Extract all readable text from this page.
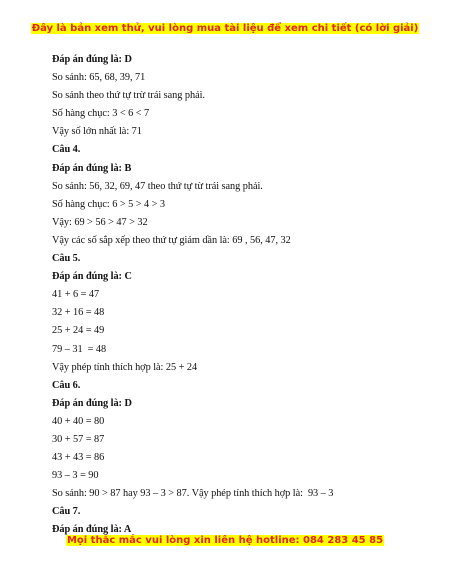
Đây là bản xem thử, vui lòng mua tài liệu để xem chi tiết (có lời giải)
Đáp án đúng là: D
So sánh: 65, 68, 39, 71
So sánh theo thứ tự trừ trái sang phải.
Số hàng chục: 3 < 6 < 7
Vậy số lớn nhất là: 71
Câu 4.
Đáp án đúng là: B
So sánh: 56, 32, 69, 47 theo thứ tự từ trái sang phải.
Số hàng chục: 6 > 5 > 4 > 3
Vậy: 69 > 56 > 47 > 32
Vậy các số sắp xếp theo thứ tự giảm dần là: 69 , 56, 47, 32
Câu 5.
Đáp án đúng là: C
41 + 6 = 47
32 + 16 = 48
25 + 24 = 49
79 – 31  = 48
Vậy phép tính thích hợp là: 25 + 24
Câu 6.
Đáp án đúng là: D
40 + 40 = 80
30 + 57 = 87
43 + 43 = 86
93 – 3 = 90
So sánh: 90 > 87 hay 93 – 3 > 87. Vậy phép tính thích hợp là:  93 – 3
Câu 7.
Đáp án đúng là: A
Mọi thắc mắc vui lòng xin liên hệ hotline: 084 283 45 85
